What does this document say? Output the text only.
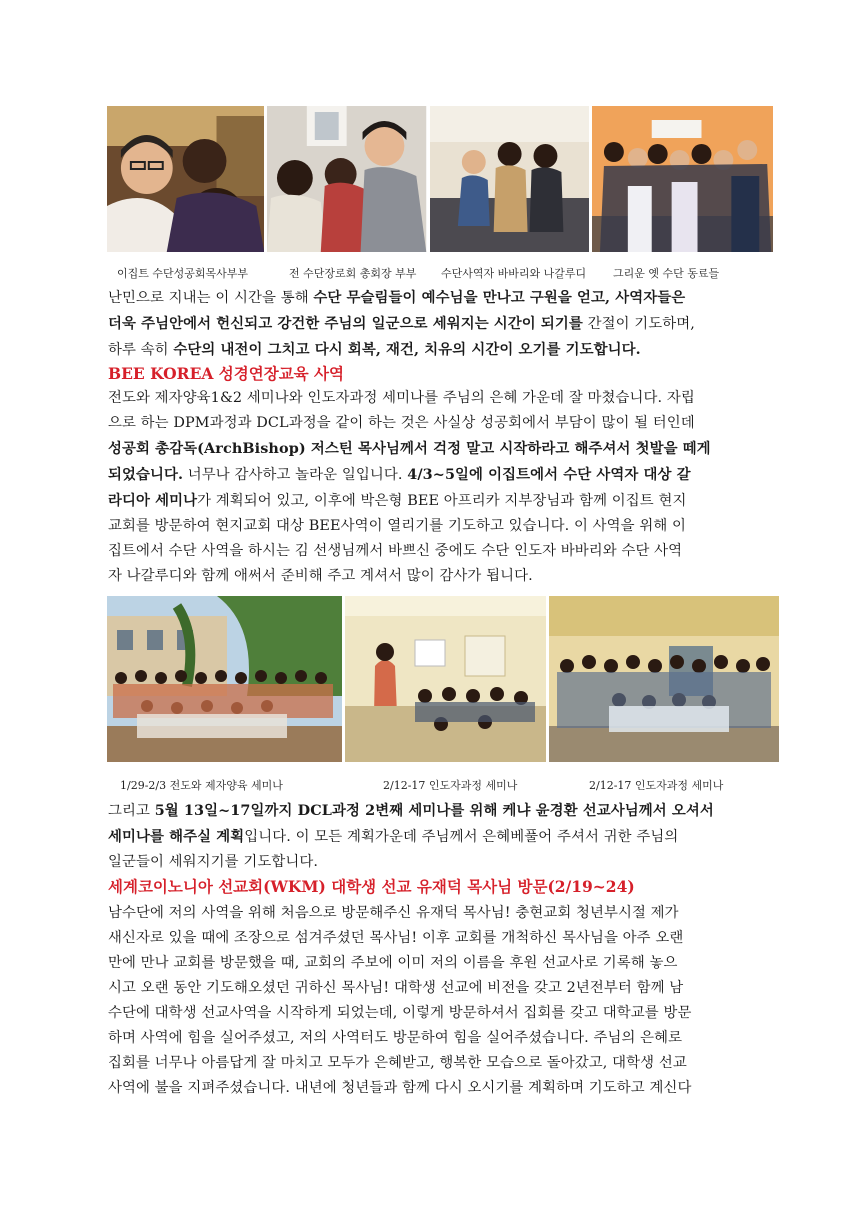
이집트 수단성공회목사부부	전 수단장로회 총회장 부부	수단사역자 바바리와 나갈루디	그리운 옛 수단 동료들
난민으로 지내는 이 시간을 통해 수단 무슬림들이 예수님을 만나고 구원을 얻고, 사역자들은
더욱 주님안에서 헌신되고 강건한 주님의 일군으로 세워지는 시간이 되기를 간절이 기도하며,
하루 속히 수단의 내전이 그치고 다시 회복, 재건, 치유의 시간이 오기를 기도합니다.
BEE KOREA 성경연장교육 사역
전도와 제자양육1&2 세미나와 인도자과정 세미나를 주님의 은혜 가운데 잘 마쳤습니다. 자립
으로 하는 DPM과정과 DCL과정을 같이 하는 것은 사실상 성공회에서 부담이 많이 될 터인데
성공회 총감독(ArchBishop) 저스틴 목사님께서 걱정 말고 시작하라고 해주셔서 첫발을 떼게
되었습니다. 너무나 감사하고 놀라운 일입니다. 4/3~5일에 이집트에서 수단 사역자 대상 갈
라디아 세미나가 계획되어 있고, 이후에 박은형 BEE 아프리카 지부장님과 함께 이집트 현지
교회를 방문하여 현지교회 대상 BEE사역이 열리기를 기도하고 있습니다. 이 사역을 위해 이
집트에서 수단 사역을 하시는 김 선생님께서 바쁘신 중에도 수단 인도자 바바리와 수단 사역
자 나갈루디와 함께 애써서 준비해 주고 계셔서 많이 감사가 됩니다.
1/29-2/3 전도와 제자양육 세미나	2/12-17 인도자과정 세미나	2/12-17 인도자과정 세미나
그리고 5월 13일~17일까지 DCL과정 2변째 세미나를 위해 케냐 윤경환 선교사님께서 오셔서
세미나를 해주실 계획입니다. 이 모든 계획가운데 주님께서 은혜베풀어 주셔서 귀한 주님의
일군들이 세워지기를 기도합니다.
세계코이노니아 선교회(WKM) 대학생 선교 유재덕 목사님 방문(2/19~24)
남수단에 저의 사역을 위해 처음으로 방문해주신 유재덕 목사님! 충현교회 청년부시절 제가
새신자로 있을 때에 조장으로 섬겨주셨던 목사님! 이후 교회를 개척하신 목사님을 아주 오랜
만에 만나 교회를 방문했을 때, 교회의 주보에 이미 저의 이름을 후원 선교사로 기록해 놓으
시고 오랜 동안 기도해오셨던 귀하신 목사님! 대학생 선교에 비전을 갖고 2년전부터 함께 남
수단에 대학생 선교사역을 시작하게 되었는데, 이렇게 방문하셔서 집회를 갖고 대학교를 방문
하며 사역에 힘을 실어주셨고, 저의 사역터도 방문하여 힘을 실어주셨습니다. 주님의 은혜로
집회를 너무나 아름답게 잘 마치고 모두가 은혜받고, 행복한 모습으로 돌아갔고, 대학생 선교
사역에 불을 지펴주셨습니다. 내년에 청년들과 함께 다시 오시기를 계획하며 기도하고 계신다
